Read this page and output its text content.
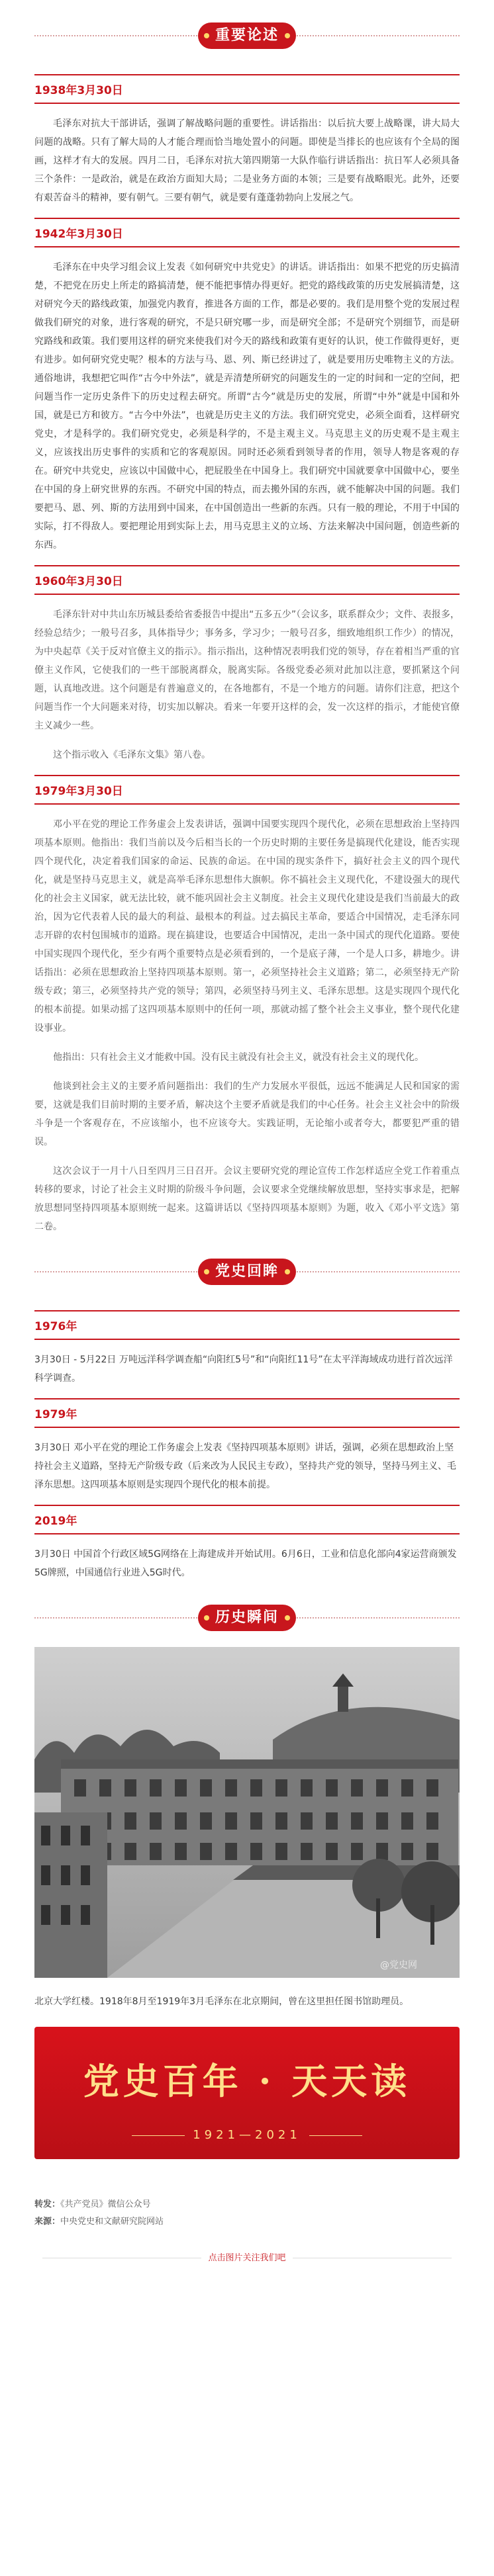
重要论述
1938年3月30日

毛泽东对抗大干部讲话，强调了解战略问题的重要性。讲话指出：以后抗大要上战略课，讲大局大问题的战略。只有了解大局的人才能合理而恰当地处置小的问题。即使是当排长的也应该有个全局的图画，这样才有大的发展。四月二日，毛泽东对抗大第四期第一大队作临行讲话指出：抗日军人必须具备三个条件：一是政治，就是在政治方面知大局；二是业务方面的本领；三是要有战略眼光。此外，还要有艰苦奋斗的精神，要有朝气。三要有朝气，就是要有蓬蓬勃勃向上发展之气。

1942年3月30日

毛泽东在中央学习组会议上发表《如何研究中共党史》的讲话。讲话指出：如果不把党的历史搞清楚，不把党在历史上所走的路搞清楚，便不能把事情办得更好。把党的路线政策的历史发展搞清楚，这对研究今天的路线政策，加强党内教育，推进各方面的工作，都是必要的。我们是用整个党的发展过程做我们研究的对象，进行客观的研究，不是只研究哪一步，而是研究全部；不是研究个别细节，而是研究路线和政策。我们要用这样的研究来使我们对今天的路线和政策有更好的认识，使工作做得更好，更有进步。如何研究党史呢？根本的方法与马、恩、列、斯已经讲过了，就是要用历史唯物主义的方法。通俗地讲，我想把它叫作“古今中外法”，就是弄清楚所研究的问题发生的一定的时间和一定的空间，把问题当作一定历史条件下的历史过程去研究。所谓“古今”就是历史的发展，所谓“中外”就是中国和外国，就是已方和彼方。“古今中外法”，也就是历史主义的方法。我们研究党史，必须全面看，这样研究党史，才是科学的。我们研究党史，必须是科学的，不是主观主义。马克思主义的历史观不是主观主义，应该找出历史事件的实质和它的客观原因。同时还必须看到领导者的作用，领导人物是客观的存在。研究中共党史，应该以中国做中心，把屁股坐在中国身上。我们研究中国就要拿中国做中心，要坐在中国的身上研究世界的东西。不研究中国的特点，而去搬外国的东西，就不能解决中国的问题。我们要把马、恩、列、斯的方法用到中国来，在中国创造出一些新的东西。只有一般的理论，不用于中国的实际，打不得敌人。要把理论用到实际上去，用马克思主义的立场、方法来解决中国问题，创造些新的东西。

1960年3月30日

毛泽东针对中共山东历城县委给省委报告中提出“五多五少”（会议多，联系群众少；文件、表报多，经验总结少；一般号召多，具体指导少；事务多，学习少；一般号召多，细致地组织工作少）的情况，为中央起草《关于反对官僚主义的指示》。指示指出，这种情况表明我们党的领导，存在着相当严重的官僚主义作风，它使我们的一些干部脱离群众，脱离实际。各级党委必须对此加以注意，要抓紧这个问题，认真地改进。这个问题是有普遍意义的，在各地都有，不是一个地方的问题。请你们注意，把这个问题当作一个大问题来对待，切实加以解决。看来一年要开这样的会，发一次这样的指示，才能使官僚主义减少一些。

这个指示收入《毛泽东文集》第八卷。

1979年3月30日

邓小平在党的理论工作务虚会上发表讲话，强调中国要实现四个现代化，必须在思想政治上坚持四项基本原则。他指出：我们当前以及今后相当长的一个历史时期的主要任务是搞现代化建设，能否实现四个现代化，决定着我们国家的命运、民族的命运。在中国的现实条件下，搞好社会主义的四个现代化，就是坚持马克思主义，就是高举毛泽东思想伟大旗帜。你不搞社会主义现代化，不建设强大的现代化的社会主义国家，就无法比较，就不能巩固社会主义制度。社会主义现代化建设是我们当前最大的政治，因为它代表着人民的最大的利益、最根本的利益。过去搞民主革命，要适合中国情况，走毛泽东同志开辟的农村包围城市的道路。现在搞建设，也要适合中国情况，走出一条中国式的现代化道路。要使中国实现四个现代化，至少有两个重要特点是必须看到的，一个是底子薄，一个是人口多，耕地少。讲话指出：必须在思想政治上坚持四项基本原则。第一，必须坚持社会主义道路；第二，必须坚持无产阶级专政；第三，必须坚持共产党的领导；第四，必须坚持马列主义、毛泽东思想。这是实现四个现代化的根本前提。如果动摇了这四项基本原则中的任何一项，那就动摇了整个社会主义事业，整个现代化建设事业。

他指出：只有社会主义才能救中国。没有民主就没有社会主义，就没有社会主义的现代化。

他谈到社会主义的主要矛盾问题指出：我们的生产力发展水平很低，远远不能满足人民和国家的需要，这就是我们目前时期的主要矛盾，解决这个主要矛盾就是我们的中心任务。社会主义社会中的阶级斗争是一个客观存在，不应该缩小，也不应该夸大。实践证明，无论缩小或者夸大，都要犯严重的错误。

这次会议于一月十八日至四月三日召开。会议主要研究党的理论宣传工作怎样适应全党工作着重点转移的要求，讨论了社会主义时期的阶级斗争问题，会议要求全党继续解放思想，坚持实事求是，把解放思想同坚持四项基本原则统一起来。这篇讲话以《坚持四项基本原则》为题，收入《邓小平文选》第二卷。

党史回眸
1976年

3月30日 - 5月22日 万吨远洋科学调查船“向阳红5号”和“向阳红11号”在太平洋海域成功进行首次远洋科学调查。

1979年

3月30日 邓小平在党的理论工作务虚会上发表《坚持四项基本原则》讲话，强调，必须在思想政治上坚持社会主义道路，坚持无产阶级专政（后来改为人民民主专政），坚持共产党的领导，坚持马列主义、毛泽东思想。这四项基本原则是实现四个现代化的根本前提。

2019年

3月30日 中国首个行政区域5G网络在上海建成并开始试用。6月6日，工业和信息化部向4家运营商颁发5G牌照，中国通信行业进入5G时代。

历史瞬间
@党史网

北京大学红楼。1918年8月至1919年3月毛泽东在北京期间，曾在这里担任图书馆助理员。

党史百年 · 天天读
1921—2021
转发：《共产党员》微信公众号
来源：中央党史和文献研究院网站
点击图片关注我们吧
